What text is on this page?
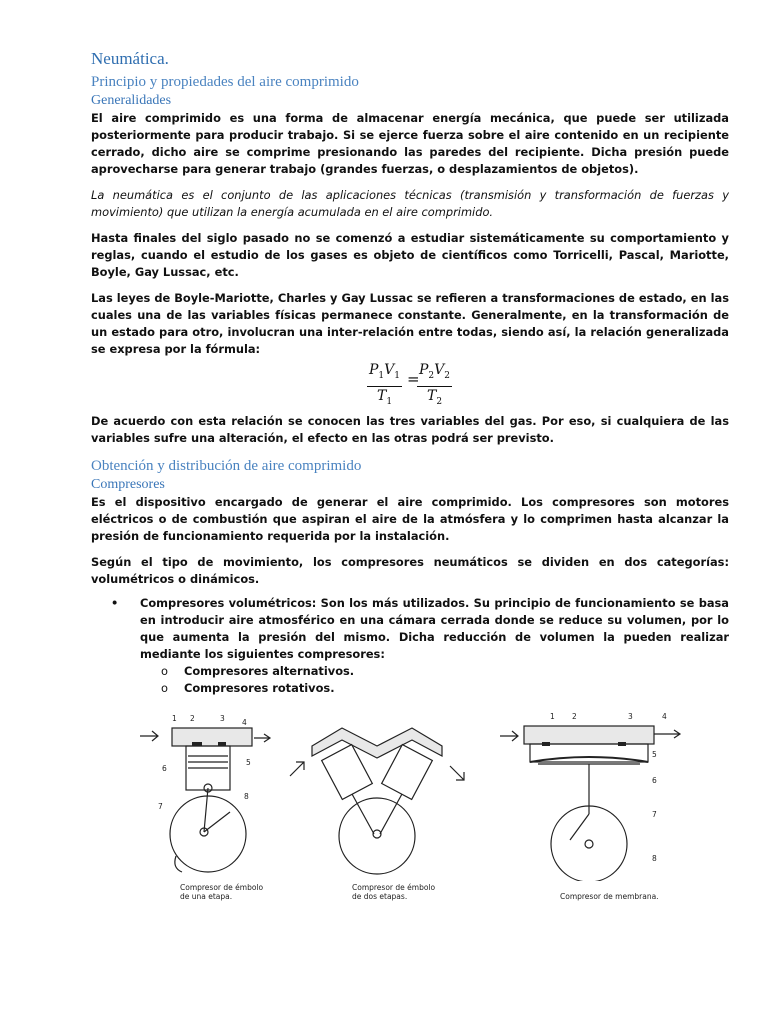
Neumática.
Principio y propiedades del aire comprimido
Generalidades

El aire comprimido es una forma de almacenar energía mecánica, que puede ser utilizada posteriormente para producir trabajo. Si se ejerce fuerza sobre el aire contenido en un recipiente cerrado, dicho aire se comprime presionando las paredes del recipiente. Dicha presión puede aprovecharse para generar trabajo (grandes fuerzas, o desplazamientos de objetos).

La neumática es el conjunto de las aplicaciones técnicas (transmisión y transformación de fuerzas y movimiento) que utilizan la energía acumulada en el aire comprimido.

Hasta finales del siglo pasado no se comenzó a estudiar sistemáticamente su comportamiento y reglas, cuando el estudio de los gases es objeto de científicos como Torricelli, Pascal, Mariotte, Boyle, Gay Lussac, etc.

Las leyes de Boyle-Mariotte, Charles y Gay Lussac se refieren a transformaciones de estado, en las cuales una de las variables físicas permanece constante. Generalmente, en la transformación de un estado para otro, involucran una inter-relación entre todas, siendo así, la relación generalizada se expresa por la fórmula:

$\frac{P_1V_1}{T_1}$ =
$\frac{P_2V_2}{T_2}$

De acuerdo con esta relación se conocen las tres variables del gas. Por eso, si cualquiera de las variables sufre una alteración, el efecto en las otras podrá ser previsto.

Obtención y distribución de aire comprimido
Compresores

Es el dispositivo encargado de generar el aire comprimido. Los compresores son motores eléctricos o de combustión que aspiran el aire de la atmósfera y lo comprimen hasta alcanzar la presión de funcionamiento requerida por la instalación.

Según el tipo de movimiento, los compresores neumáticos se dividen en dos categorías: volumétricos o dinámicos.

• Compresores volumétricos: Son los más utilizados. Su principio de funcionamiento se basa en introducir aire atmosférico en una cámara cerrada donde se reduce su volumen, por lo que aumenta la presión del mismo. Dicha reducción de volumen la pueden realizar mediante los siguientes compresores:
o Compresores alternativos.
o Compresores rotativos.
Compresor de émbolo
de una etapa.
Compresor de émbolo
de dos etapas.	Compresor de membrana.
1 2	3 4
5
6
7
8
1 2	3	4
5
6
7
8
